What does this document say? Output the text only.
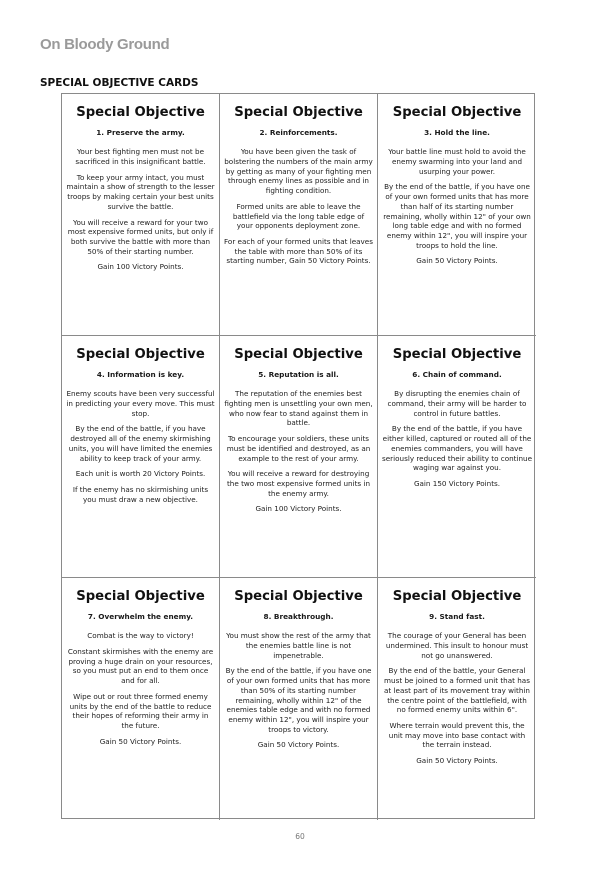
On Bloody Ground
SPECIAL OBJECTIVE CARDS
Special Objective
1. Preserve the army.

Your best fighting men must not be sacrificed in this insignificant battle.

To keep your army intact, you must maintain a show of strength to the lesser troops by making certain your best units survive the battle.

You will receive a reward for your two most expensive formed units, but only if both survive the battle with more than 50% of their starting number.

Gain 100 Victory Points.

Special Objective
2. Reinforcements.

You have been given the task of bolstering the numbers of the main army by getting as many of your fighting men through enemy lines as possible and in fighting condition.

Formed units are able to leave the battlefield via the long table edge of your opponents deployment zone.

For each of your formed units that leaves the table with more than 50% of its starting number, Gain 50 Victory Points.

Special Objective
3. Hold the line.

Your battle line must hold to avoid the enemy swarming into your land and usurping your power.

By the end of the battle, if you have one of your own formed units that has more than half of its starting number remaining, wholly within 12" of your own long table edge and with no formed enemy within 12", you will inspire your troops to hold the line.

Gain 50 Victory Points.

Special Objective
4. Information is key.

Enemy scouts have been very successful in predicting your every move. This must stop.

By the end of the battle, if you have destroyed all of the enemy skirmishing units, you will have limited the enemies ability to keep track of your army.

Each unit is worth 20 Victory Points.

If the enemy has no skirmishing units you must draw a new objective.

Special Objective
5. Reputation is all.

The reputation of the enemies best fighting men is unsettling your own men, who now fear to stand against them in battle.

To encourage your soldiers, these units must be identified and destroyed, as an example to the rest of your army.

You will receive a reward for destroying the two most expensive formed units in the enemy army.

Gain 100 Victory Points.

Special Objective
6. Chain of command.

By disrupting the enemies chain of command, their army will be harder to control in future battles.

By the end of the battle, if you have either killed, captured or routed all of the enemies commanders, you will have seriously reduced their ability to continue waging war against you.

Gain 150 Victory Points.

Special Objective
7. Overwhelm the enemy.

Combat is the way to victory!

Constant skirmishes with the enemy are proving a huge drain on your resources, so you must put an end to them once and for all.

Wipe out or rout three formed enemy units by the end of the battle to reduce their hopes of reforming their army in the future.

Gain 50 Victory Points.

Special Objective
8. Breakthrough.

You must show the rest of the army that the enemies battle line is not impenetrable.

By the end of the battle, if you have one of your own formed units that has more than 50% of its starting number remaining, wholly within 12" of the enemies table edge and with no formed enemy within 12", you will inspire your troops to victory.

Gain 50 Victory Points.

Special Objective
9. Stand fast.

The courage of your General has been undermined. This insult to honour must not go unanswered.

By the end of the battle, your General must be joined to a formed unit that has at least part of its movement tray within the centre point of the battlefield, with no formed enemy units within 6".

Where terrain would prevent this, the unit may move into base contact with the terrain instead.

Gain 50 Victory Points.

60
